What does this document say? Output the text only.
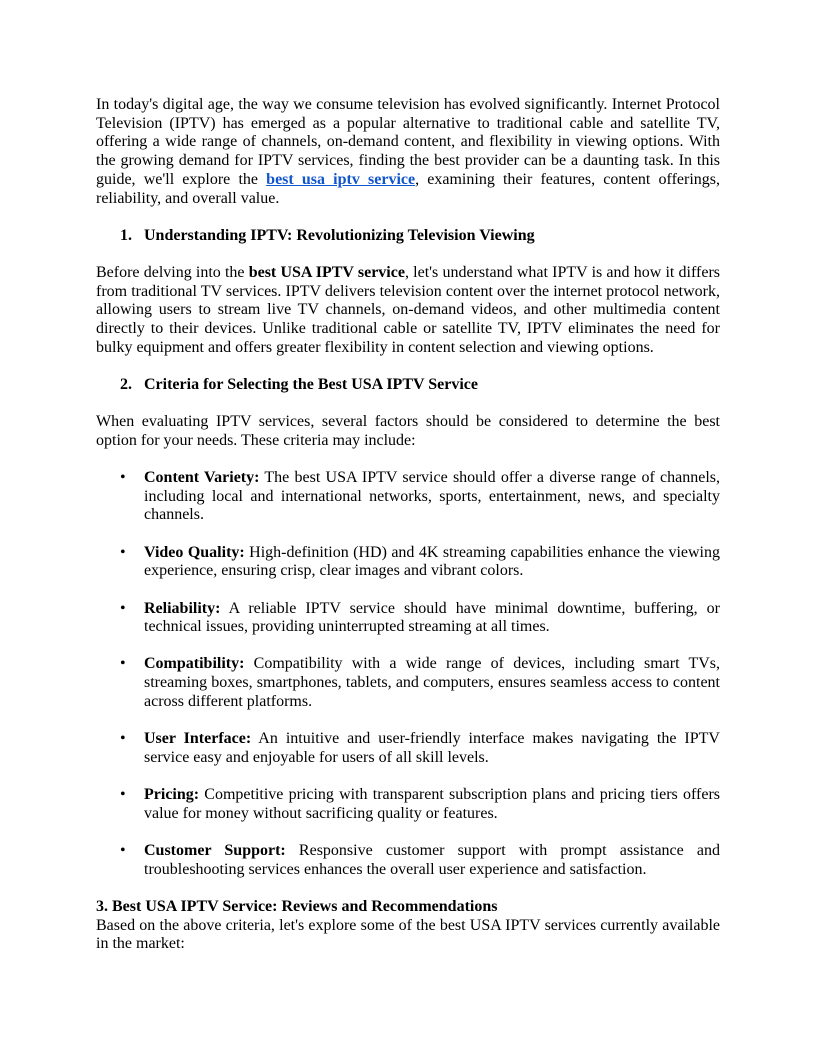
In today's digital age, the way we consume television has evolved significantly. Internet Protocol Television (IPTV) has emerged as a popular alternative to traditional cable and satellite TV, offering a wide range of channels, on-demand content, and flexibility in viewing options. With the growing demand for IPTV services, finding the best provider can be a daunting task. In this guide, we'll explore the best usa iptv service, examining their features, content offerings, reliability, and overall value.

1. Understanding IPTV: Revolutionizing Television Viewing

Before delving into the best USA IPTV service, let's understand what IPTV is and how it differs from traditional TV services. IPTV delivers television content over the internet protocol network, allowing users to stream live TV channels, on-demand videos, and other multimedia content directly to their devices. Unlike traditional cable or satellite TV, IPTV eliminates the need for bulky equipment and offers greater flexibility in content selection and viewing options.

2. Criteria for Selecting the Best USA IPTV Service

When evaluating IPTV services, several factors should be considered to determine the best option for your needs. These criteria may include:

• Content Variety: The best USA IPTV service should offer a diverse range of channels, including local and international networks, sports, entertainment, news, and specialty channels.
• Video Quality: High-definition (HD) and 4K streaming capabilities enhance the viewing experience, ensuring crisp, clear images and vibrant colors.
• Reliability: A reliable IPTV service should have minimal downtime, buffering, or technical issues, providing uninterrupted streaming at all times.
• Compatibility: Compatibility with a wide range of devices, including smart TVs, streaming boxes, smartphones, tablets, and computers, ensures seamless access to content across different platforms.
• User Interface: An intuitive and user-friendly interface makes navigating the IPTV service easy and enjoyable for users of all skill levels.
• Pricing: Competitive pricing with transparent subscription plans and pricing tiers offers value for money without sacrificing quality or features.
• Customer Support: Responsive customer support with prompt assistance and troubleshooting services enhances the overall user experience and satisfaction.
3. Best USA IPTV Service: Reviews and Recommendations

Based on the above criteria, let's explore some of the best USA IPTV services currently available in the market:
